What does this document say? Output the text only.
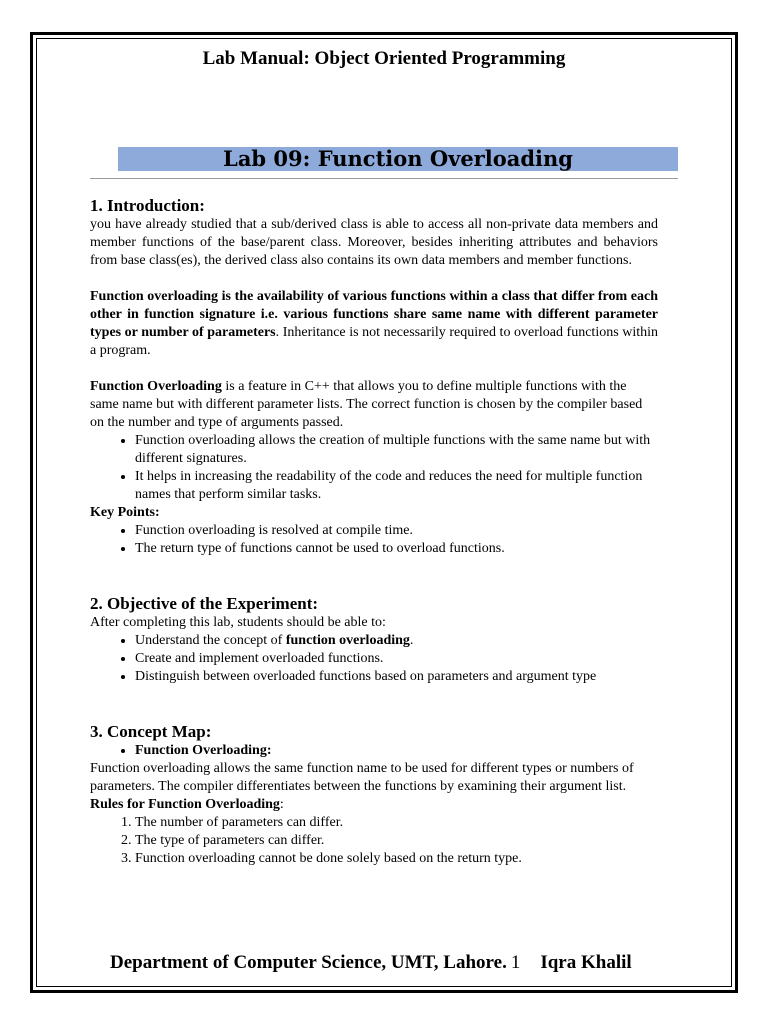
Lab Manual: Object Oriented Programming
Lab 09: Function Overloading
1. Introduction:

you have already studied that a sub/derived class is able to access all non-private data members and member functions of the base/parent class. Moreover, besides inheriting attributes and behaviors from base class(es), the derived class also contains its own data members and member functions.

Function overloading is the availability of various functions within a class that differ from each other in function signature i.e. various functions share same name with different parameter types or number of parameters. Inheritance is not necessarily required to overload functions within a program.

Function Overloading is a feature in C++ that allows you to define multiple functions with the same name but with different parameter lists. The correct function is chosen by the compiler based on the number and type of arguments passed.

• Function overloading allows the creation of multiple functions with the same name but with different signatures.
• It helps in increasing the readability of the code and reduces the need for multiple function names that perform similar tasks.
Key Points:
• Function overloading is resolved at compile time.
• The return type of functions cannot be used to overload functions.
2. Objective of the Experiment:

After completing this lab, students should be able to:

• Understand the concept of function overloading.
• Create and implement overloaded functions.
• Distinguish between overloaded functions based on parameters and argument type
3. Concept Map:
• Function Overloading:

Function overloading allows the same function name to be used for different types or numbers of parameters. The compiler differentiates between the functions by examining their argument list.

Rules for Function Overloading:
1. The number of parameters can differ.
2. The type of parameters can differ.
3. Function overloading cannot be done solely based on the return type.
Department of Computer Science, UMT, Lahore. 1 Iqra Khalil
